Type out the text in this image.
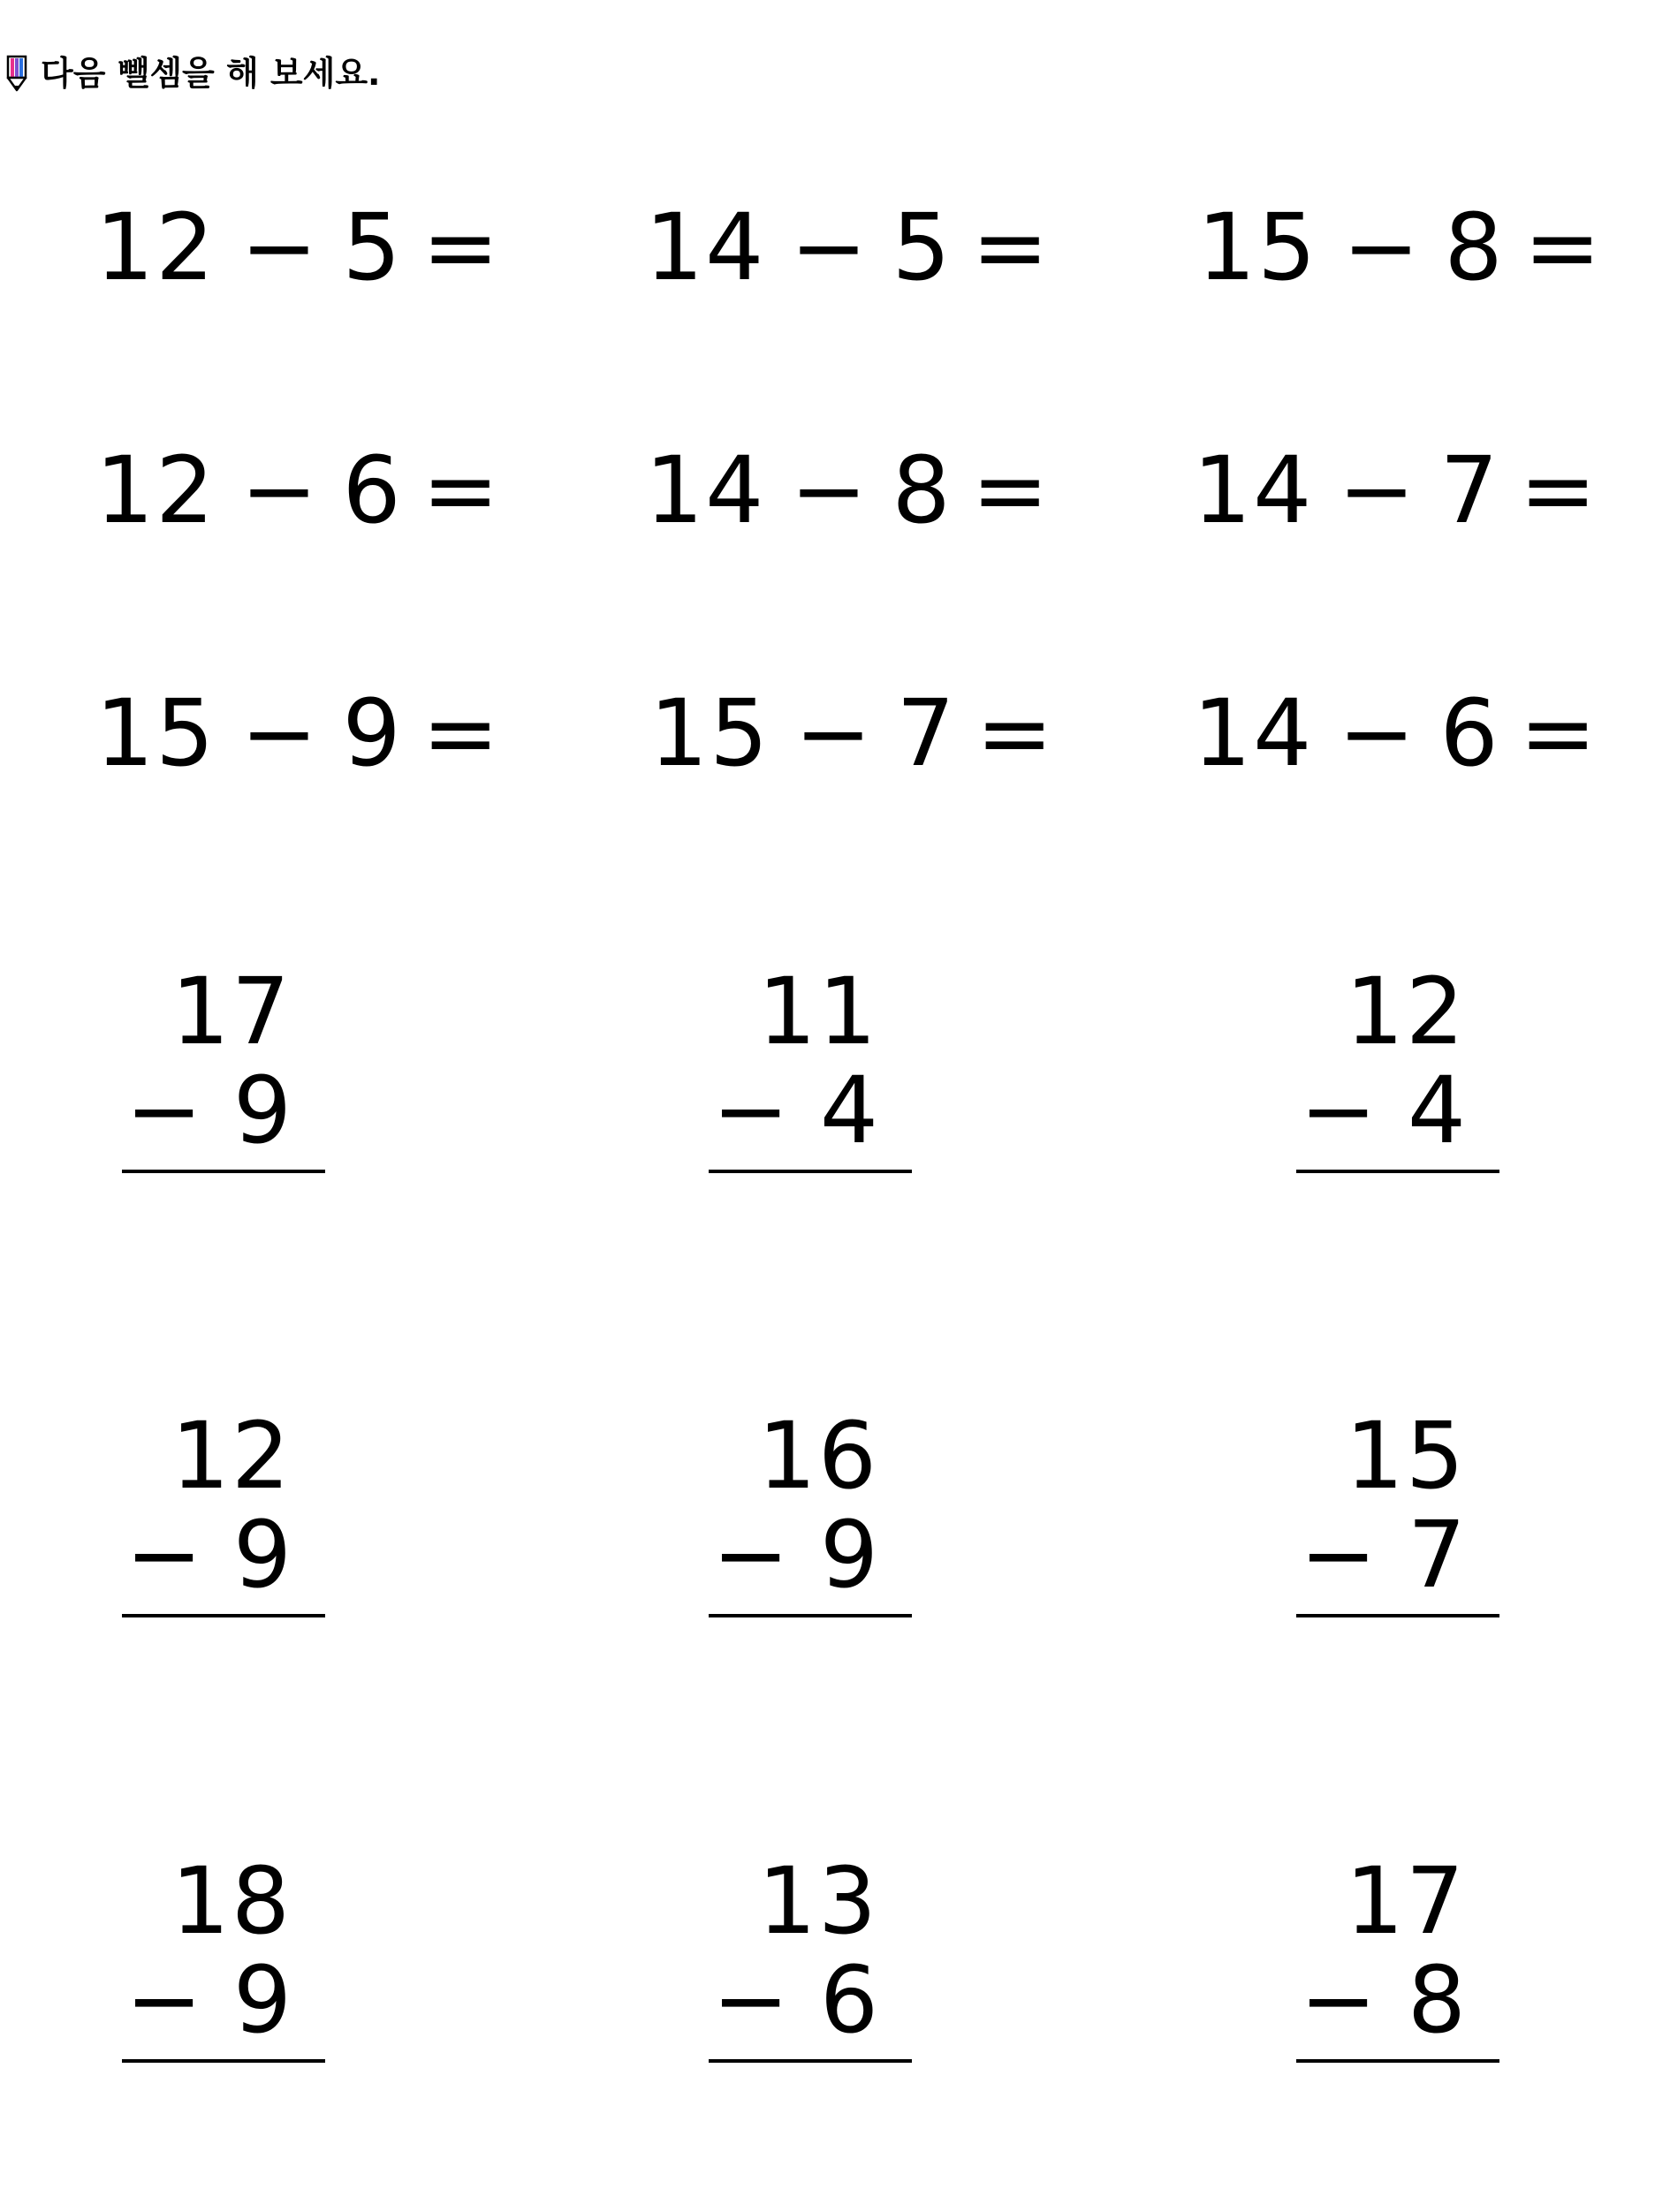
다음 뺄셈을 해 보세요.
12 − 5 = 14 − 5 = 15 − 8 =
12 − 6 = 14 − 8 = 14 − 7 =
15 − 9 = 15 − 7 = 14 − 6 =
17
− 9
11
− 4
12
− 4
12
− 9
16
− 9
15
− 7
18
− 9
13
− 6
17
− 8
